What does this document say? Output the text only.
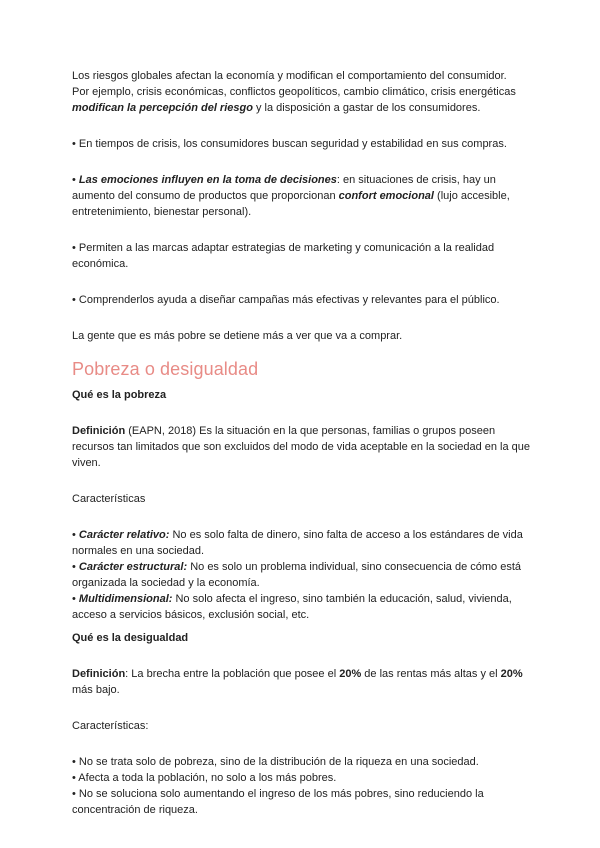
Los riesgos globales afectan la economía y modifican el comportamiento del consumidor.
Por ejemplo, crisis económicas, conflictos geopolíticos, cambio climático, crisis energéticas
modifican la percepción del riesgo y la disposición a gastar de los consumidores.

• En tiempos de crisis, los consumidores buscan seguridad y estabilidad en sus compras.

• Las emociones influyen en la toma de decisiones: en situaciones de crisis, hay un aumento del consumo de productos que proporcionan confort emocional (lujo accesible, entretenimiento, bienestar personal).

• Permiten a las marcas adaptar estrategias de marketing y comunicación a la realidad económica.

• Comprenderlos ayuda a diseñar campañas más efectivas y relevantes para el público.

La gente que es más pobre se detiene más a ver que va a comprar.

Pobreza o desigualdad

Qué es la pobreza

Definición (EAPN, 2018) Es la situación en la que personas, familias o grupos poseen recursos tan limitados que son excluidos del modo de vida aceptable en la sociedad en la que viven.

Características

• Carácter relativo: No es solo falta de dinero, sino falta de acceso a los estándares de vida normales en una sociedad.

• Carácter estructural: No es solo un problema individual, sino consecuencia de cómo está organizada la sociedad y la economía.

• Multidimensional: No solo afecta el ingreso, sino también la educación, salud, vivienda, acceso a servicios básicos, exclusión social, etc.

Qué es la desigualdad

Definición: La brecha entre la población que posee el 20% de las rentas más altas y el 20% más bajo.

Características:

• No se trata solo de pobreza, sino de la distribución de la riqueza en una sociedad.

• Afecta a toda la población, no solo a los más pobres.

• No se soluciona solo aumentando el ingreso de los más pobres, sino reduciendo la concentración de riqueza.
